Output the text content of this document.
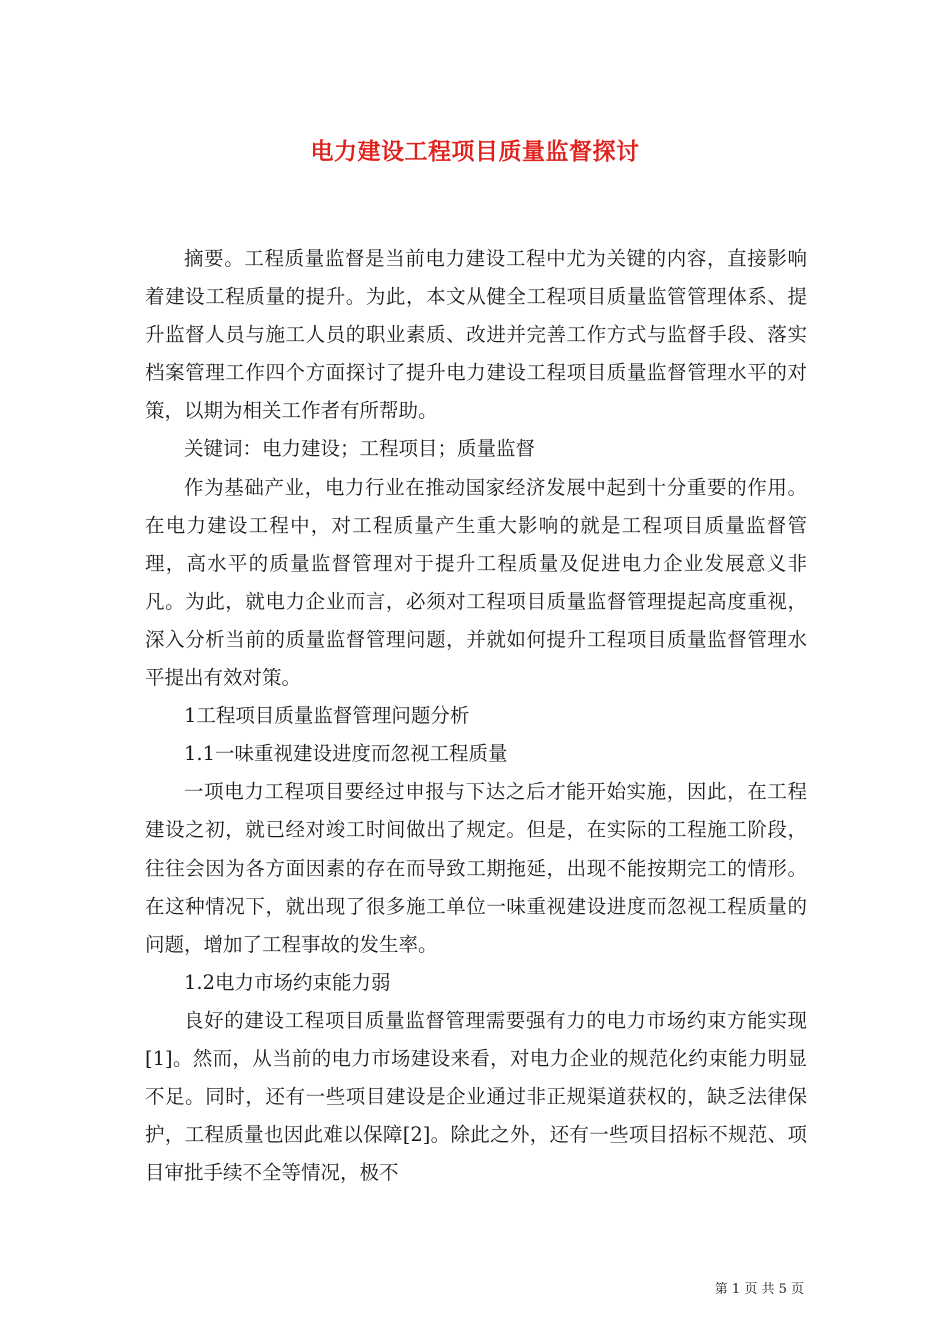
电力建设工程项目质量监督探讨

摘要。工程质量监督是当前电力建设工程中尤为关键的内容，直接影响着建设工程质量的提升。为此，本文从健全工程项目质量监管管理体系、提升监督人员与施工人员的职业素质、改进并完善工作方式与监督手段、落实档案管理工作四个方面探讨了提升电力建设工程项目质量监督管理水平的对策，以期为相关工作者有所帮助。

关键词：电力建设；工程项目；质量监督

作为基础产业，电力行业在推动国家经济发展中起到十分重要的作用。在电力建设工程中，对工程质量产生重大影响的就是工程项目质量监督管理，高水平的质量监督管理对于提升工程质量及促进电力企业发展意义非凡。为此，就电力企业而言，必须对工程项目质量监督管理提起高度重视，深入分析当前的质量监督管理问题，并就如何提升工程项目质量监督管理水平提出有效对策。

1工程项目质量监督管理问题分析

1.1一味重视建设进度而忽视工程质量

一项电力工程项目要经过申报与下达之后才能开始实施，因此，在工程建设之初，就已经对竣工时间做出了规定。但是，在实际的工程施工阶段，往往会因为各方面因素的存在而导致工期拖延，出现不能按期完工的情形。在这种情况下，就出现了很多施工单位一味重视建设进度而忽视工程质量的问题，增加了工程事故的发生率。

1.2电力市场约束能力弱

良好的建设工程项目质量监督管理需要强有力的电力市场约束方能实现[1]。然而，从当前的电力市场建设来看，对电力企业的规范化约束能力明显不足。同时，还有一些项目建设是企业通过非正规渠道获权的，缺乏法律保护，工程质量也因此难以保障[2]。除此之外，还有一些项目招标不规范、项目审批手续不全等情况，极不

第 1 页 共 5 页
